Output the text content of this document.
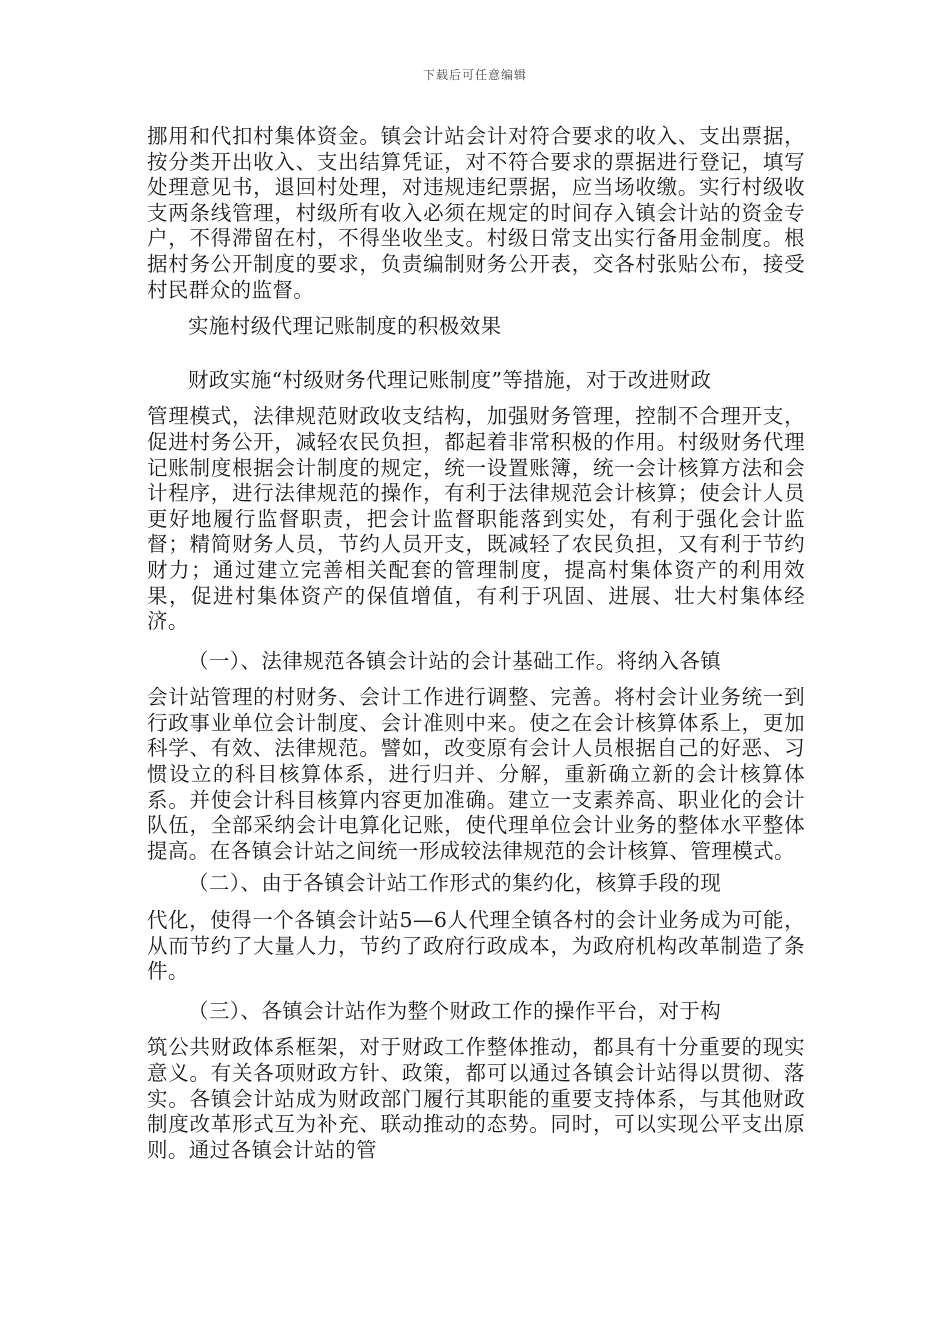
下载后可任意编辑

挪用和代扣村集体资金。镇会计站会计对符合要求的收入、支出票据，按分类开出收入、支出结算凭证，对不符合要求的票据进行登记，填写处理意见书，退回村处理，对违规违纪票据，应当场收缴。实行村级收支两条线管理，村级所有收入必须在规定的时间存入镇会计站的资金专户，不得滞留在村，不得坐收坐支。村级日常支出实行备用金制度。根据村务公开制度的要求，负责编制财务公开表，交各村张贴公布，接受村民群众的监督。

实施村级代理记账制度的积极效果

财政实施“村级财务代理记账制度”等措施，对于改进财政
管理模式，法律规范财政收支结构，加强财务管理，控制不合理开支，促进村务公开，减轻农民负担，都起着非常积极的作用。村级财务代理记账制度根据会计制度的规定，统一设置账簿，统一会计核算方法和会计程序，进行法律规范的操作，有利于法律规范会计核算；使会计人员更好地履行监督职责，把会计监督职能落到实处，有利于强化会计监督；精简财务人员，节约人员开支，既减轻了农民负担，又有利于节约财力；通过建立完善相关配套的管理制度，提高村集体资产的利用效果，促进村集体资产的保值增值，有利于巩固、进展、壮大村集体经济。

（一）、法律规范各镇会计站的会计基础工作。将纳入各镇
会计站管理的村财务、会计工作进行调整、完善。将村会计业务统一到行政事业单位会计制度、会计准则中来。使之在会计核算体系上，更加科学、有效、法律规范。譬如，改变原有会计人员根据自己的好恶、习惯设立的科目核算体系，进行归并、分解，重新确立新的会计核算体系。并使会计科目核算内容更加准确。建立一支素养高、职业化的会计队伍，全部采纳会计电算化记账，使代理单位会计业务的整体水平整体提高。在各镇会计站之间统一形成较法律规范的会计核算、管理模式。

（二）、由于各镇会计站工作形式的集约化，核算手段的现
代化，使得一个各镇会计站5—6人代理全镇各村的会计业务成为可能，从而节约了大量人力，节约了政府行政成本，为政府机构改革制造了条件。

（三）、各镇会计站作为整个财政工作的操作平台，对于构
筑公共财政体系框架，对于财政工作整体推动，都具有十分重要的现实意义。有关各项财政方针、政策，都可以通过各镇会计站得以贯彻、落实。各镇会计站成为财政部门履行其职能的重要支持体系，与其他财政制度改革形式互为补充、联动推动的态势。同时，可以实现公平支出原则。通过各镇会计站的管
